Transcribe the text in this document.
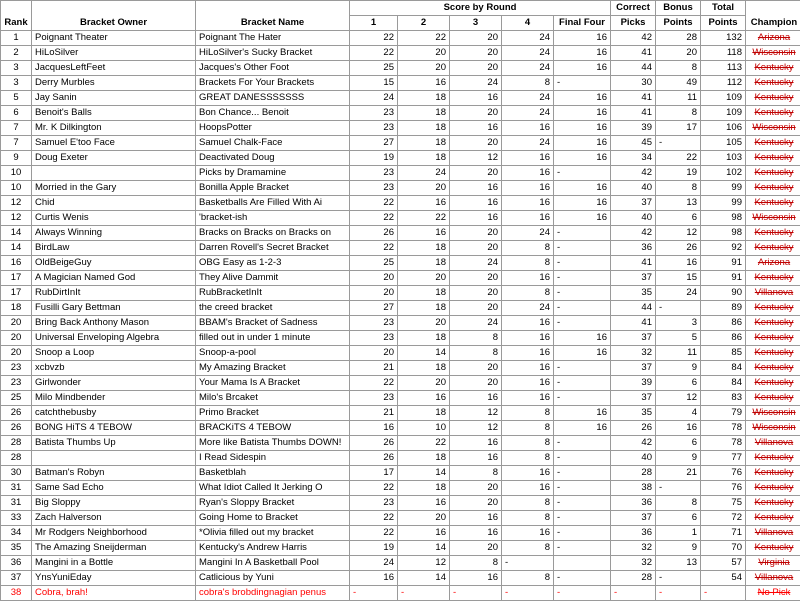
Rank	Bracket Owner	Bracket Name	Score by Round					Correct	Bonus	Total	Champion
			1	2	3	4	Final Four	Picks	Points	Points	
1	Poignant Theater	Poignant The Hater	22	22	20	24	16	42	28	132	Arizona
2	HiLoSilver	HiLoSilver's Sucky Bracket	22	20	20	24	16	41	20	118	Wisconsin
3	JacquesLeftFeet	Jacques's Other Foot	25	20	20	24	16	44	8	113	Kentucky
3	Derry Murbles	Brackets For Your Brackets	15	16	24	8	-	30	49	112	Kentucky
5	Jay Sanin	GREAT DANESSSSSSS	24	18	16	24	16	41	11	109	Kentucky
6	Benoit's Balls	Bon Chance... Benoit	23	18	20	24	16	41	8	109	Kentucky
7	Mr. K Dilkington	HoopsPotter	23	18	16	16	16	39	17	106	Wisconsin
7	Samuel E'too Face	Samuel Chalk-Face	27	18	20	24	16	45	-	105	Kentucky
9	Doug Exeter	Deactivated Doug	19	18	12	16	16	34	22	103	Kentucky
10		Picks by Dramamine	23	24	20	16	-	42	19	102	Kentucky
10	Morried in the Gary	Bonilla Apple Bracket	23	20	16	16	16	40	8	99	Kentucky
12	Chid	Basketballs Are Filled With Ai	22	16	16	16	16	37	13	99	Kentucky
12	Curtis Wenis	'bracket-ish	22	22	16	16	16	40	6	98	Wisconsin
14	Always Winning	Bracks on Bracks on Bracks on	26	16	20	24	-	42	12	98	Kentucky
14	BirdLaw	Darren Rovell's Secret Bracket	22	18	20	8	-	36	26	92	Kentucky
16	OldBeigeGuy	OBG Easy as 1-2-3	25	18	24	8	-	41	16	91	Arizona
17	A Magician Named God	They Alive Dammit	20	20	20	16	-	37	15	91	Kentucky
17	RubDirtInIt	RubBracketInIt	20	18	20	8	-	35	24	90	Villanova
18	Fusilli Gary Bettman	the creed bracket	27	18	20	24	-	44	-	89	Kentucky
20	Bring Back Anthony Mason	BBAM's Bracket of Sadness	23	20	24	16	-	41	3	86	Kentucky
20	Universal Enveloping Algebra	filled out in under 1 minute	23	18	8	16	16	37	5	86	Kentucky
20	Snoop a Loop	Snoop-a-pool	20	14	8	16	16	32	11	85	Kentucky
23	xcbvzb	My Amazing Bracket	21	18	20	16	-	37	9	84	Kentucky
23	Girlwonder	Your Mama Is A Bracket	22	20	20	16	-	39	6	84	Kentucky
25	Milo Mindbender	Milo's Brcaket	23	16	16	16	-	37	12	83	Kentucky
26	catchthebusby	Primo Bracket	21	18	12	8	16	35	4	79	Wisconsin
26	BONG HiTS 4 TEBOW	BRACKiTS 4 TEBOW	16	10	12	8	16	26	16	78	Wisconsin
28	Batista Thumbs Up	More like Batista Thumbs DOWN!	26	22	16	8	-	42	6	78	Villanova
28		I Read Sidespin	26	18	16	8	-	40	9	77	Kentucky
30	Batman's Robyn	Basketblah	17	14	8	16	-	28	21	76	Kentucky
31	Same Sad Echo	What Idiot Called It Jerking O	22	18	20	16	-	38	-	76	Kentucky
31	Big Sloppy	Ryan's Sloppy Bracket	23	16	20	8	-	36	8	75	Kentucky
33	Zach Halverson	Going Home to Bracket	22	20	16	8	-	37	6	72	Kentucky
34	Mr Rodgers Neighborhood	*Olivia filled out my bracket	22	16	16	16	-	36	1	71	Villanova
35	The Amazing Sneijderman	Kentucky's Andrew Harris	19	14	20	8	-	32	9	70	Kentucky
36	Mangini in a Bottle	Mangini In A Basketball Pool	24	12	8	-		32	13	57	Virginia
37	YnsYuniEday	Catlicious by Yuni	16	14	16	8	-	28	-	54	Villanova
38	Cobra, brah!	cobra's brobdingnagian penus	-	-	-	-	-	-	-	-	No Pick
